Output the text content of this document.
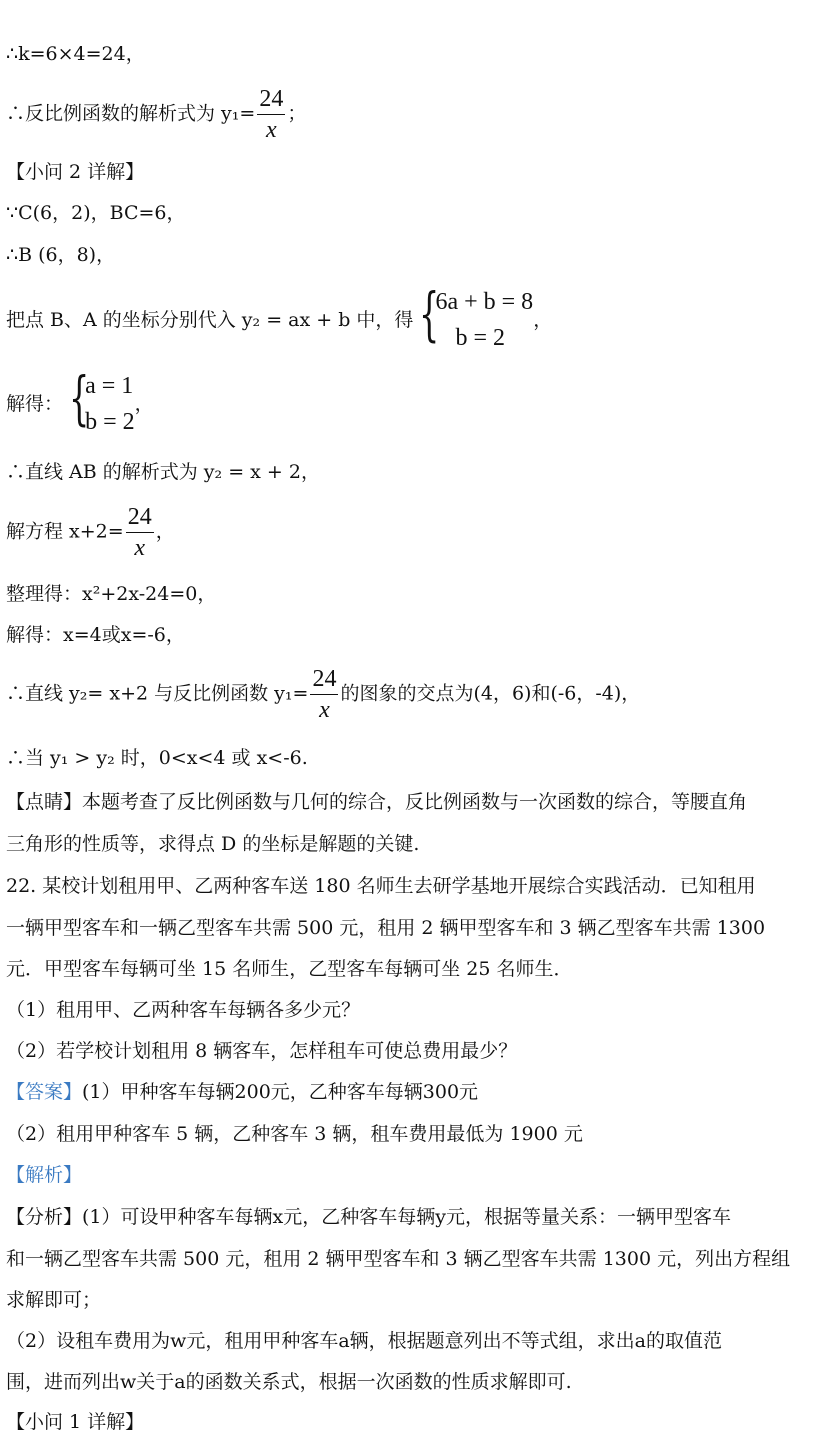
∴k=6×4=24，
∴反比例函数的解析式为 $y_1= \frac{24}{x}$ ；
【小问 2 详解】
∵C(6，2)，BC=6，
∴B (6，8)，
把点 B、A 的坐标分别代入 y₂ = ax + b 中，得 {
6a + b = 8
b = 2
，
解得： {
a = 1
b = 2
，
∴直线 AB 的解析式为 y₂ = x + 2，
解方程 $x+2= \frac{24}{x}$ ，
整理得：x²+2x-24=0，
解得：x=4或x=-6，
∴直线 y₂= x+2 与反比例函数 $y_1= \frac{24}{x}$ 的图象的交点为(4，6)和(-6，-4)，
∴当 y₁ > y₂ 时，0<x<4 或 x<-6.
【点睛】本题考查了反比例函数与几何的综合，反比例函数与一次函数的综合，等腰直角
三角形的性质等，求得点 D 的坐标是解题的关键.
22. 某校计划租用甲、乙两种客车送 180 名师生去研学基地开展综合实践活动．已知租用
一辆甲型客车和一辆乙型客车共需 500 元，租用 2 辆甲型客车和 3 辆乙型客车共需 1300
元．甲型客车每辆可坐 15 名师生，乙型客车每辆可坐 25 名师生．
（1）租用甲、乙两种客车每辆各多少元？
（2）若学校计划租用 8 辆客车，怎样租车可使总费用最少？
【答案】(1）甲种客车每辆200元，乙种客车每辆300元
（2）租用甲种客车 5 辆，乙种客车 3 辆，租车费用最低为 1900 元
【解析】
【分析】(1）可设甲种客车每辆x元，乙种客车每辆y元，根据等量关系：一辆甲型客车
和一辆乙型客车共需 500 元，租用 2 辆甲型客车和 3 辆乙型客车共需 1300 元，列出方程组
求解即可；
（2）设租车费用为w元，租用甲种客车a辆，根据题意列出不等式组，求出a的取值范
围，进而列出w关于a的函数关系式，根据一次函数的性质求解即可.
【小问 1 详解】
